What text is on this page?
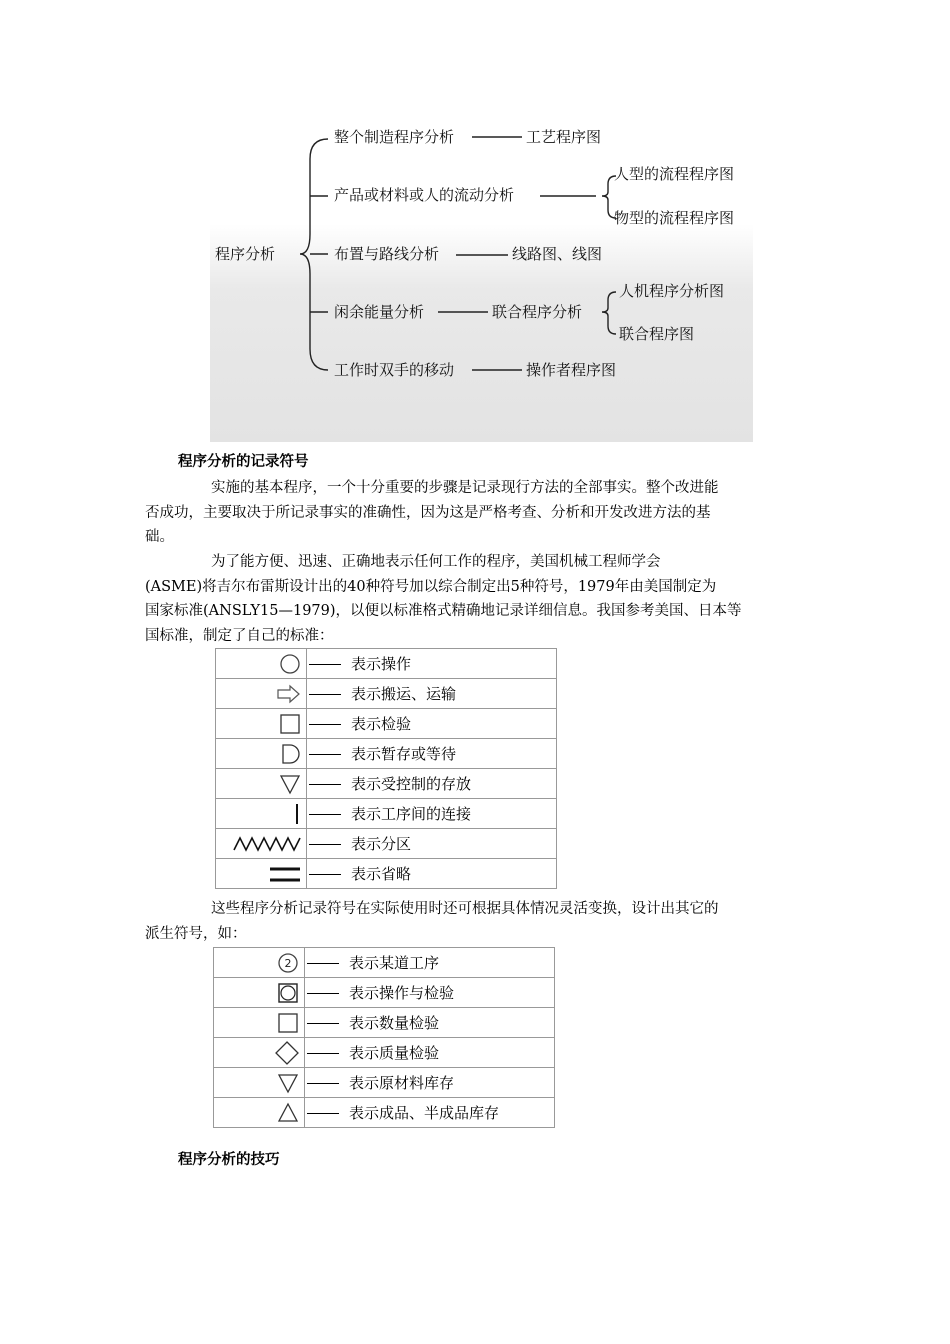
程序分析
整个制造程序分析	工艺程序图
产品或材料或人的流动分析
人型的流程程序图
物型的流程程序图
布置与路线分析	线路图、线图
闲余能量分析	联合程序分析
人机程序分析图
联合程序图
工作时双手的移动	操作者程序图
程序分析的记录符号
实施的基本程序，一个十分重要的步骤是记录现行方法的全部事实。整个改进能
否成功，主要取决于所记录事实的准确性，因为这是严格考查、分析和开发改进方法的基
础。
为了能方便、迅速、正确地表示任何工作的程序，美国机械工程师学会
(ASME)将吉尔布雷斯设计出的40种符号加以综合制定出5种符号，1979年由美国制定为
国家标准(ANSLY15—1979)，以便以标准格式精确地记录详细信息。我国参考美国、日本等
国标准，制定了自己的标准：
	表示操作
	表示搬运、运输
	表示检验
	表示暂存或等待
	表示受控制的存放
	表示工序间的连接
	表示分区
	表示省略
这些程序分析记录符号在实际使用时还可根据具体情况灵活变换，设计出其它的
派生符号，如：
2	表示某道工序
	表示操作与检验
	表示数量检验
	表示质量检验
	表示原材料库存
	表示成品、半成品库存
程序分析的技巧
